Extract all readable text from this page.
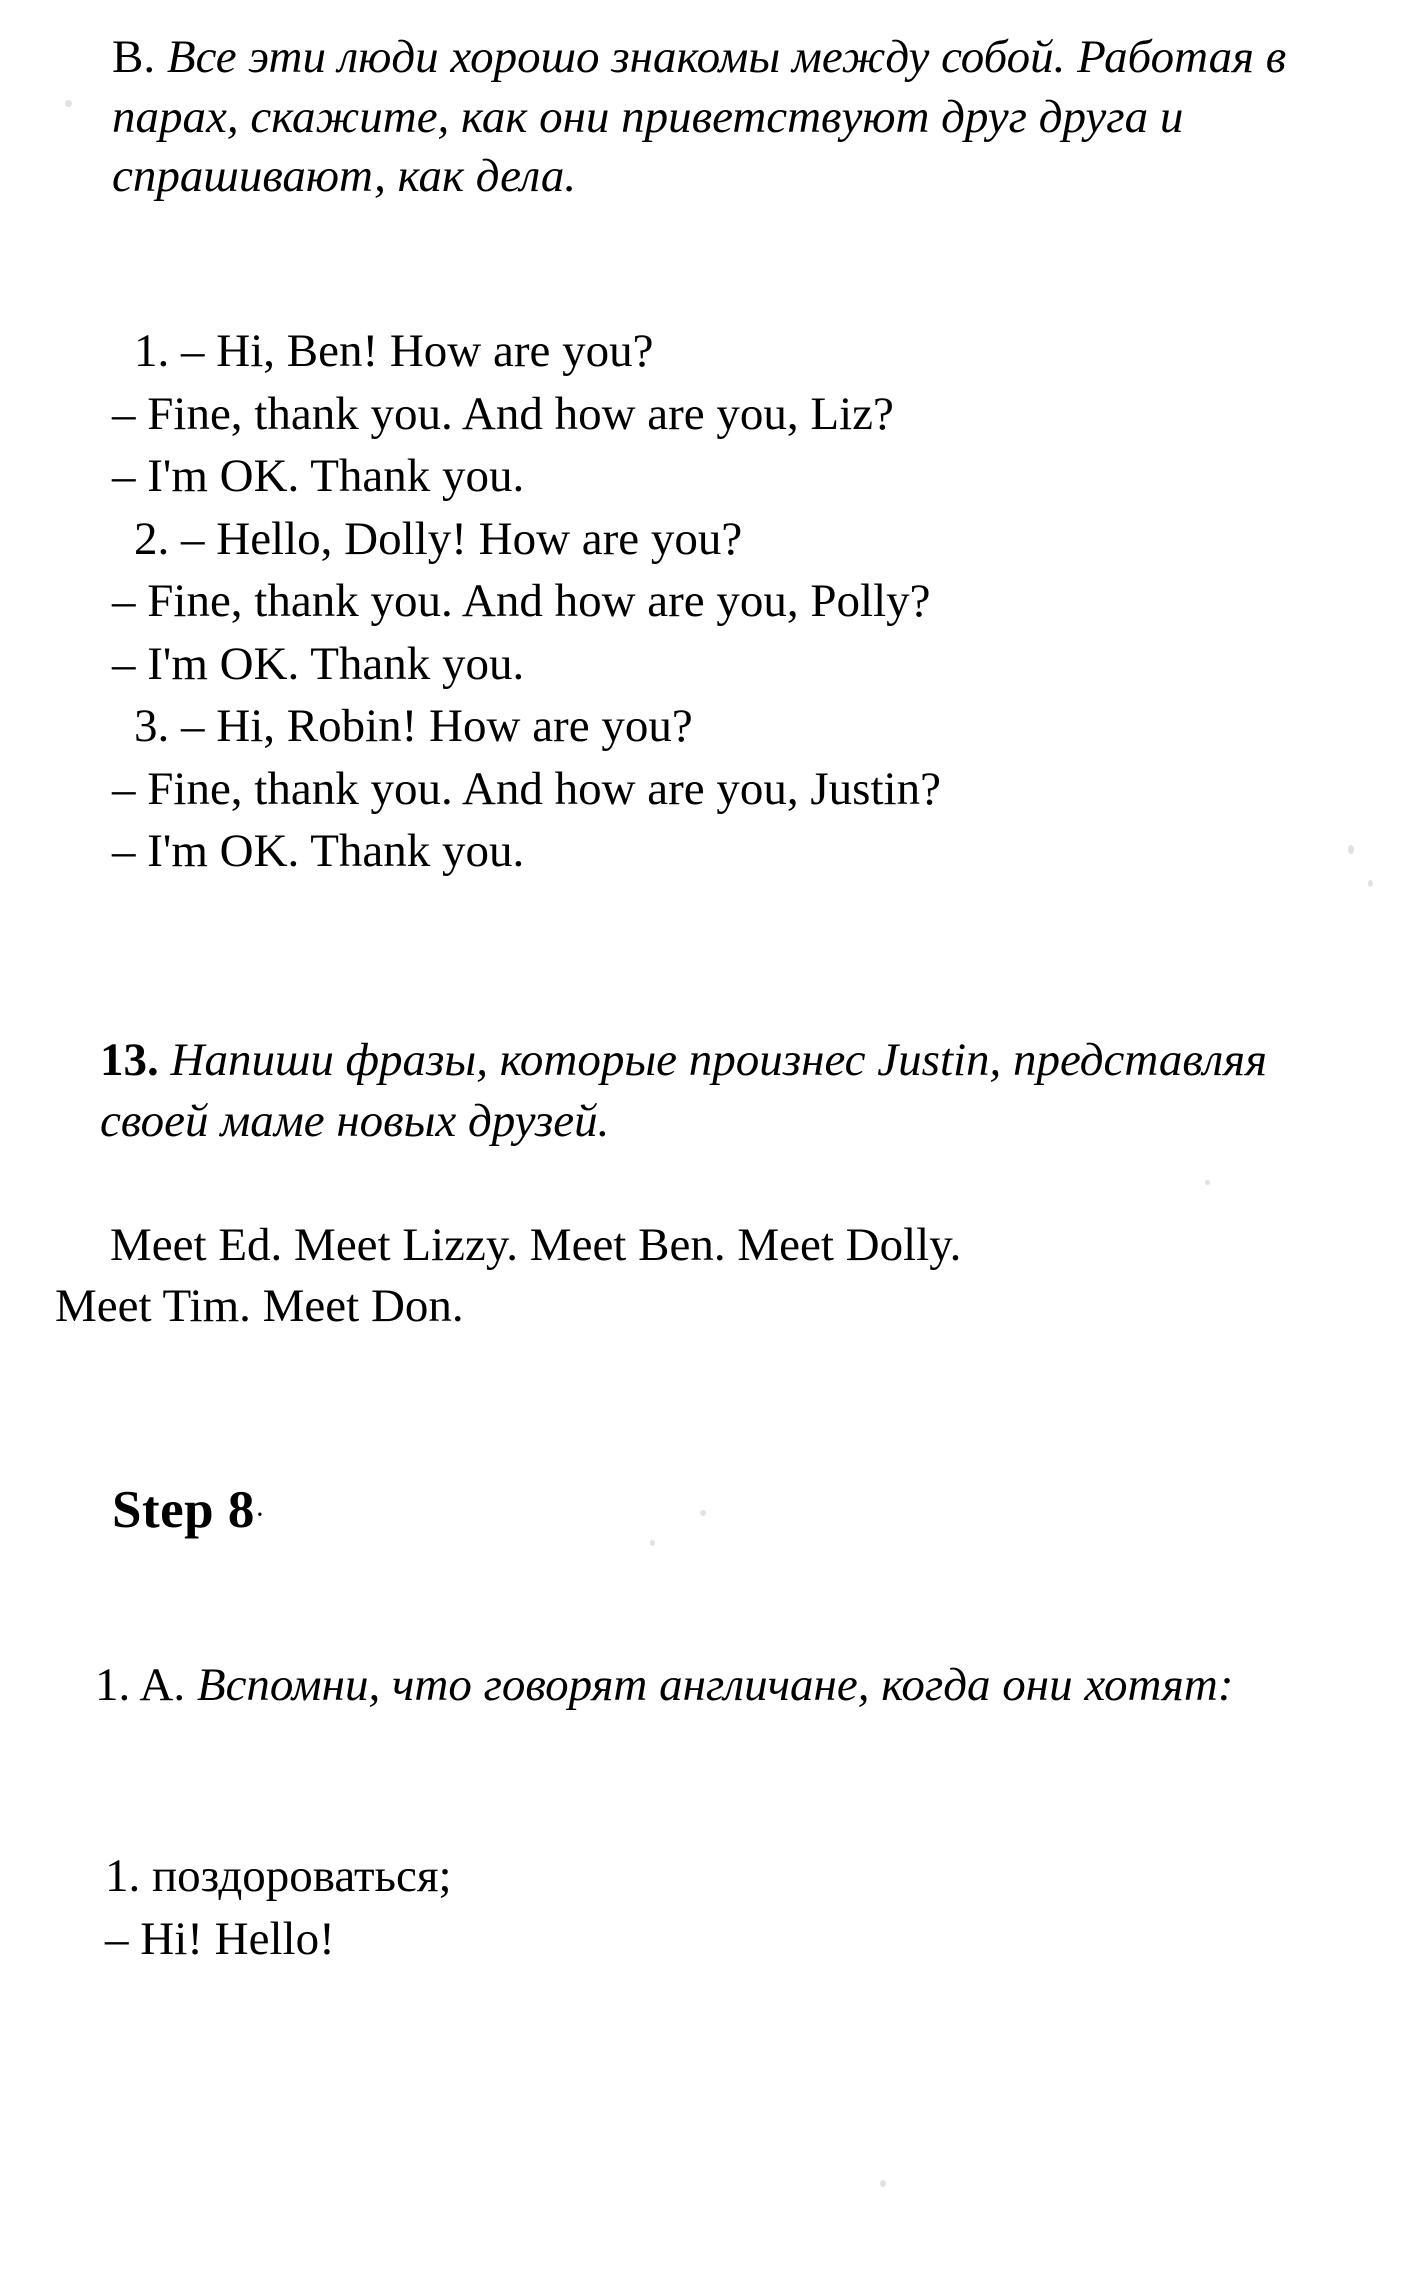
B. Все эти люди хорошо знакомы между собой. Работая в парах, скажите, как они приветствуют друг друга и спрашивают, как дела.
1. – Hi, Ben! How are you?
– Fine, thank you. And how are you, Liz?
– I'm OK. Thank you.
2. – Hello, Dolly! How are you?
– Fine, thank you. And how are you, Polly?
– I'm OK. Thank you.
3. – Hi, Robin! How are you?
– Fine, thank you. And how are you, Justin?
– I'm OK. Thank you.
13. Напиши фразы, которые произнес Justin, представляя своей маме новых друзей.
Meet Ed. Meet Lizzy. Meet Ben. Meet Dolly.
Meet Tim. Meet Don.
Step 8·
1. A. Вспомни, что говорят англичане, когда они хотят:
1. поздороваться;
– Hi! Hello!
